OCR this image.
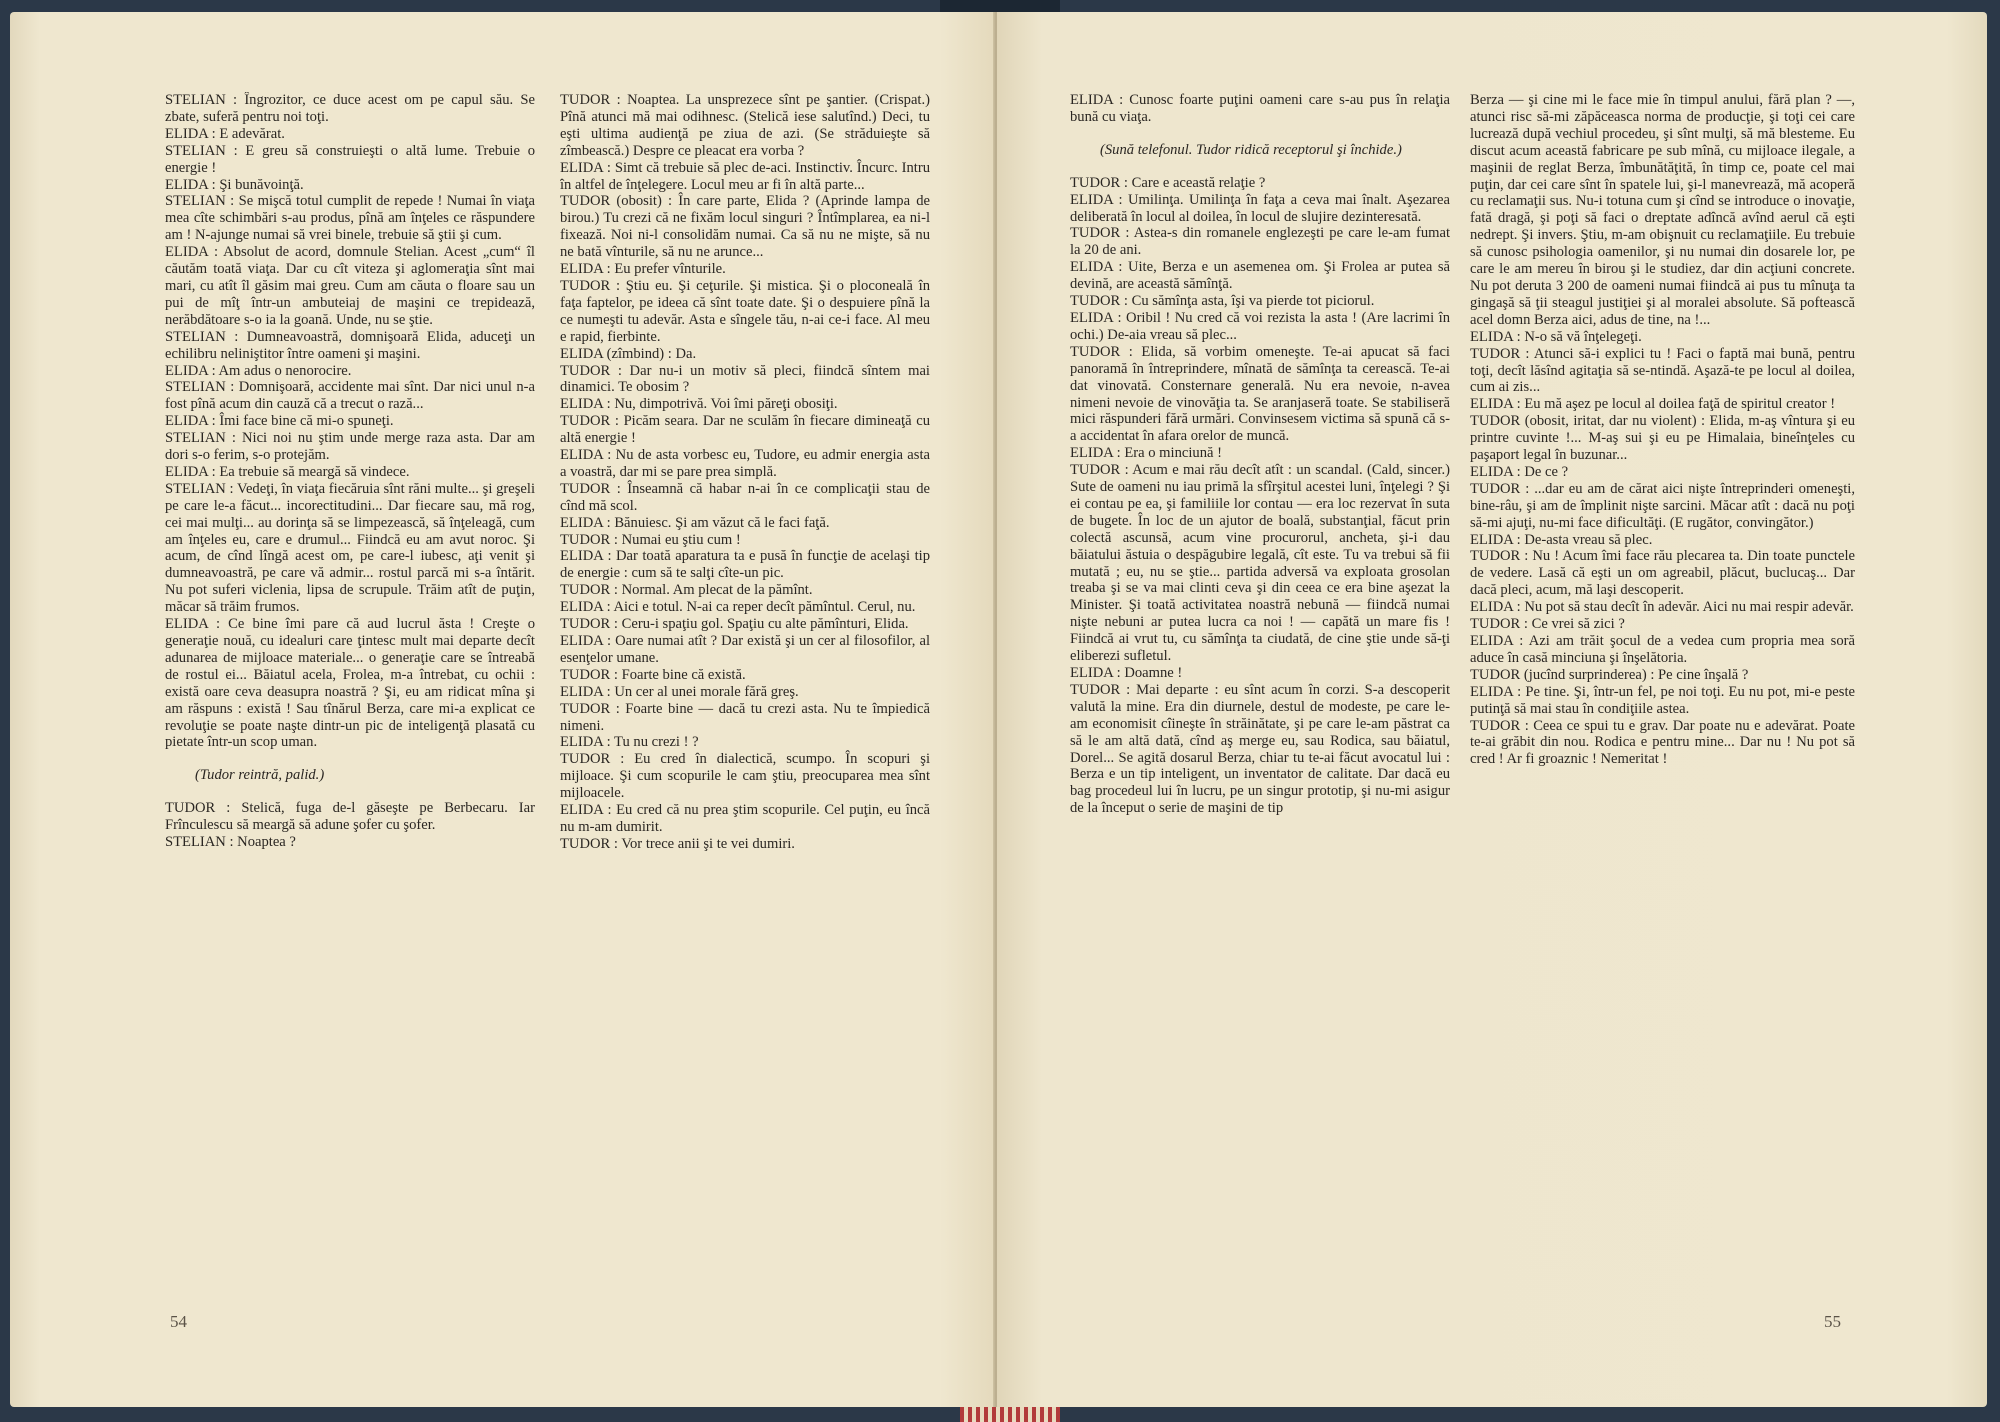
STELIAN : Îngrozitor, ce duce acest om pe capul său. Se zbate, suferă pentru noi toţi.

ELIDA : E adevărat.

STELIAN : E greu să construieşti o altă lume. Trebuie o energie !

ELIDA : Şi bunăvoinţă.

STELIAN : Se mişcă totul cumplit de repede ! Numai în viaţa mea cîte schimbări s-au produs, pînă am înţeles ce răspundere am ! N-ajunge numai să vrei binele, trebuie să ştii şi cum.

ELIDA : Absolut de acord, domnule Stelian. Acest „cum“ îl căutăm toată viaţa. Dar cu cît viteza şi aglomeraţia sînt mai mari, cu atît îl găsim mai greu. Cum am căuta o floare sau un pui de mîţ într-un ambuteiaj de maşini ce trepidează, nerăbdătoare s-o ia la goană. Unde, nu se ştie.

STELIAN : Dumneavoastră, domnişoară Elida, aduceţi un echilibru neliniştitor între oameni şi maşini.

ELIDA : Am adus o nenorocire.

STELIAN : Domnişoară, accidente mai sînt. Dar nici unul n-a fost pînă acum din cauză că a trecut o rază...

ELIDA : Îmi face bine că mi-o spuneţi.

STELIAN : Nici noi nu ştim unde merge raza asta. Dar am dori s-o ferim, s-o protejăm.

ELIDA : Ea trebuie să meargă să vindece.

STELIAN : Vedeţi, în viaţa fiecăruia sînt răni multe... şi greşeli pe care le-a făcut... incorectitudini... Dar fiecare sau, mă rog, cei mai mulţi... au dorinţa să se limpezească, să înţeleagă, cum am înţeles eu, care e drumul... Fiindcă eu am avut noroc. Şi acum, de cînd lîngă acest om, pe care-l iubesc, aţi venit şi dumneavoastră, pe care vă admir... rostul parcă mi s-a întărit. Nu pot suferi viclenia, lipsa de scrupule. Trăim atît de puţin, măcar să trăim frumos.

ELIDA : Ce bine îmi pare că aud lucrul ăsta ! Creşte o generaţie nouă, cu idealuri care ţintesc mult mai departe decît adunarea de mijloace materiale... o generaţie care se întreabă de rostul ei... Băiatul acela, Frolea, m-a întrebat, cu ochii : există oare ceva deasupra noastră ? Şi, eu am ridicat mîna şi am răspuns : există ! Sau tînărul Berza, care mi-a explicat ce revoluţie se poate naşte dintr-un pic de inteligenţă plasată cu pietate într-un scop uman.

(Tudor reintră, palid.)

TUDOR : Stelică, fuga de-l găseşte pe Berbecaru. Iar Frînculescu să meargă să adune şofer cu şofer.

STELIAN : Noaptea ?

TUDOR : Noaptea. La unsprezece sînt pe şantier. (Crispat.) Pînă atunci mă mai odihnesc. (Stelică iese salutînd.) Deci, tu eşti ultima audienţă pe ziua de azi. (Se străduieşte să zîmbească.) Despre ce pleacat era vorba ?

ELIDA : Simt că trebuie să plec de-aci. Instinctiv. Încurc. Intru în altfel de înţelegere. Locul meu ar fi în altă parte...

TUDOR (obosit) : În care parte, Elida ? (Aprinde lampa de birou.) Tu crezi că ne fixăm locul singuri ? Întîmplarea, ea ni-l fixează. Noi ni-l consolidăm numai. Ca să nu ne mişte, să nu ne bată vînturile, să nu ne arunce...

ELIDA : Eu prefer vînturile.

TUDOR : Ştiu eu. Şi ceţurile. Şi mistica. Şi o ploconeală în faţa faptelor, pe ideea că sînt toate date. Şi o despuiere pînă la ce numeşti tu adevăr. Asta e sîngele tău, n-ai ce-i face. Al meu e rapid, fierbinte.

ELIDA (zîmbind) : Da.

TUDOR : Dar nu-i un motiv să pleci, fiindcă sîntem mai dinamici. Te obosim ?

ELIDA : Nu, dimpotrivă. Voi îmi păreţi obosiţi.

TUDOR : Picăm seara. Dar ne sculăm în fiecare dimineaţă cu altă energie !

ELIDA : Nu de asta vorbesc eu, Tudore, eu admir energia asta a voastră, dar mi se pare prea simplă.

TUDOR : Înseamnă că habar n-ai în ce complicaţii stau de cînd mă scol.

ELIDA : Bănuiesc. Şi am văzut că le faci faţă.

TUDOR : Numai eu ştiu cum !

ELIDA : Dar toată aparatura ta e pusă în funcţie de acelaşi tip de energie : cum să te salţi cîte-un pic.

TUDOR : Normal. Am plecat de la pămînt.

ELIDA : Aici e totul. N-ai ca reper decît pămîntul. Cerul, nu.

TUDOR : Ceru-i spaţiu gol. Spaţiu cu alte pămînturi, Elida.

ELIDA : Oare numai atît ? Dar există şi un cer al filosofilor, al esenţelor umane.

TUDOR : Foarte bine că există.

ELIDA : Un cer al unei morale fără greş.

TUDOR : Foarte bine — dacă tu crezi asta. Nu te împiedică nimeni.

ELIDA : Tu nu crezi ! ?

TUDOR : Eu cred în dialectică, scumpo. În scopuri şi mijloace. Şi cum scopurile le cam ştiu, preocuparea mea sînt mijloacele.

ELIDA : Eu cred că nu prea ştim scopurile. Cel puţin, eu încă nu m-am dumirit.

TUDOR : Vor trece anii şi te vei dumiri.

54

ELIDA : Cunosc foarte puţini oameni care s-au pus în relaţia bună cu viaţa.

(Sună telefonul. Tudor ridică receptorul şi închide.)

TUDOR : Care e această relaţie ?

ELIDA : Umilinţa. Umilinţa în faţa a ceva mai înalt. Aşezarea deliberată în locul al doilea, în locul de slujire dezinteresată.

TUDOR : Astea-s din romanele englezeşti pe care le-am fumat la 20 de ani.

ELIDA : Uite, Berza e un asemenea om. Şi Frolea ar putea să devină, are această sămînţă.

TUDOR : Cu sămînţa asta, îşi va pierde tot piciorul.

ELIDA : Oribil ! Nu cred că voi rezista la asta ! (Are lacrimi în ochi.) De-aia vreau să plec...

TUDOR : Elida, să vorbim omeneşte. Te-ai apucat să faci panoramă în întreprindere, mînată de sămînţa ta cerească. Te-ai dat vinovată. Consternare generală. Nu era nevoie, n-avea nimeni nevoie de vinovăţia ta. Se aranjaseră toate. Se stabiliseră mici răspunderi fără urmări. Convinsesem victima să spună că s-a accidentat în afara orelor de muncă.

ELIDA : Era o minciună !

TUDOR : Acum e mai rău decît atît : un scandal. (Cald, sincer.) Sute de oameni nu iau primă la sfîrşitul acestei luni, înţelegi ? Şi ei contau pe ea, şi familiile lor contau — era loc rezervat în suta de bugete. În loc de un ajutor de boală, substanţial, făcut prin colectă ascunsă, acum vine procurorul, ancheta, şi-i dau băiatului ăstuia o despăgubire legală, cît este. Tu va trebui să fii mutată ; eu, nu se ştie... partida adversă va exploata grosolan treaba şi se va mai clinti ceva şi din ceea ce era bine aşezat la Minister. Şi toată activitatea noastră nebună — fiindcă numai nişte nebuni ar putea lucra ca noi ! — capătă un mare fis ! Fiindcă ai vrut tu, cu sămînţa ta ciudată, de cine ştie unde să-ţi eliberezi sufletul.

ELIDA : Doamne !

TUDOR : Mai departe : eu sînt acum în corzi. S-a descoperit valută la mine. Era din diurnele, destul de modeste, pe care le-am economisit cîineşte în străinătate, şi pe care le-am păstrat ca să le am altă dată, cînd aş merge eu, sau Rodica, sau băiatul, Dorel... Se agită dosarul Berza, chiar tu te-ai făcut avocatul lui : Berza e un tip inteligent, un inventator de calitate. Dar dacă eu bag procedeul lui în lucru, pe un singur prototip, şi nu-mi asigur de la început o serie de maşini de tip

Berza — şi cine mi le face mie în timpul anului, fără plan ? —, atunci risc să-mi zăpăceasca norma de producţie, şi toţi cei care lucrează după vechiul procedeu, şi sînt mulţi, să mă blesteme. Eu discut acum această fabricare pe sub mînă, cu mijloace ilegale, a maşinii de reglat Berza, îmbunătăţită, în timp ce, poate cel mai puţin, dar cei care sînt în spatele lui, şi-l manevrează, mă acoperă cu reclamaţii sus. Nu-i totuna cum şi cînd se introduce o inovaţie, fată dragă, şi poţi să faci o dreptate adîncă avînd aerul că eşti nedrept. Şi invers. Ştiu, m-am obişnuit cu reclamaţiile. Eu trebuie să cunosc psihologia oamenilor, şi nu numai din dosarele lor, pe care le am mereu în birou şi le studiez, dar din acţiuni concrete. Nu pot deruta 3 200 de oameni numai fiindcă ai pus tu mînuţa ta gingaşă să ţii steagul justiţiei şi al moralei absolute. Să poftească acel domn Berza aici, adus de tine, na !...

ELIDA : N-o să vă înţelegeţi.

TUDOR : Atunci să-i explici tu ! Faci o faptă mai bună, pentru toţi, decît lăsînd agitaţia să se-ntindă. Aşază-te pe locul al doilea, cum ai zis...

ELIDA : Eu mă aşez pe locul al doilea faţă de spiritul creator !

TUDOR (obosit, iritat, dar nu violent) : Elida, m-aş vîntura şi eu printre cuvinte !... M-aş sui şi eu pe Himalaia, bineînţeles cu paşaport legal în buzunar...

ELIDA : De ce ?

TUDOR : ...dar eu am de cărat aici nişte întreprinderi omeneşti, bine-râu, şi am de împlinit nişte sarcini. Măcar atît : dacă nu poţi să-mi ajuţi, nu-mi face dificultăţi. (E rugător, convingător.)

ELIDA : De-asta vreau să plec.

TUDOR : Nu ! Acum îmi face rău plecarea ta. Din toate punctele de vedere. Lasă că eşti un om agreabil, plăcut, buclucaş... Dar dacă pleci, acum, mă laşi descoperit.

ELIDA : Nu pot să stau decît în adevăr. Aici nu mai respir adevăr.

TUDOR : Ce vrei să zici ?

ELIDA : Azi am trăit şocul de a vedea cum propria mea soră aduce în casă minciuna şi înşelătoria.

TUDOR (jucînd surprinderea) : Pe cine înşală ?

ELIDA : Pe tine. Şi, într-un fel, pe noi toţi. Eu nu pot, mi-e peste putinţă să mai stau în condiţiile astea.

TUDOR : Ceea ce spui tu e grav. Dar poate nu e adevărat. Poate te-ai grăbit din nou. Rodica e pentru mine... Dar nu ! Nu pot să cred ! Ar fi groaznic ! Nemeritat !

55
